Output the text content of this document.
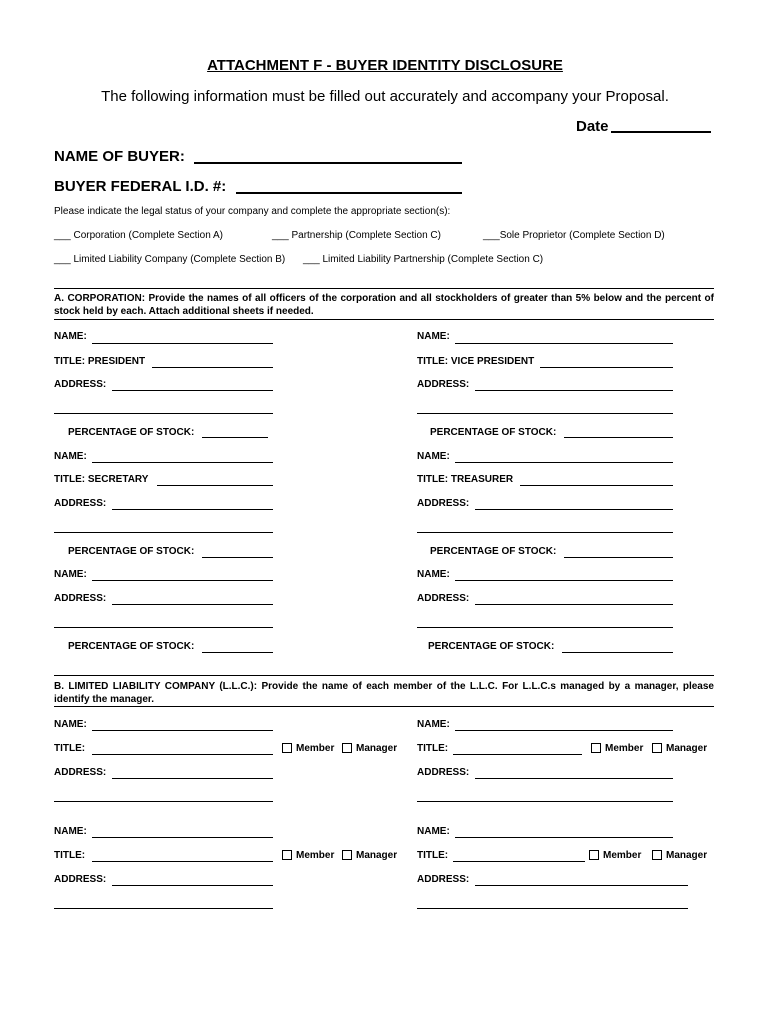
ATTACHMENT F - BUYER IDENTITY DISCLOSURE
The following information must be filled out accurately and accompany your Proposal.
Date
NAME OF BUYER:
BUYER FEDERAL I.D. #:
Please indicate the legal status of your company and complete the appropriate section(s):
___ Corporation (Complete Section A)	___ Partnership (Complete Section C)	___Sole Proprietor (Complete Section D)
___ Limited Liability Company (Complete Section B) ___ Limited Liability Partnership (Complete Section C)
A. CORPORATION: Provide the names of all officers of the corporation and all stockholders of greater than 5% below and the percent of stock held by each. Attach additional sheets if needed.
NAME:	NAME:
TITLE: PRESIDENT	TITLE: VICE PRESIDENT
ADDRESS:	ADDRESS:
PERCENTAGE OF STOCK:	PERCENTAGE OF STOCK:
NAME:	NAME:
TITLE: SECRETARY	TITLE: TREASURER
ADDRESS:	ADDRESS:
PERCENTAGE OF STOCK:	PERCENTAGE OF STOCK:
NAME:	NAME:
ADDRESS:	ADDRESS:
PERCENTAGE OF STOCK:	PERCENTAGE OF STOCK:
B. LIMITED LIABILITY COMPANY (L.L.C.): Provide the name of each member of the L.L.C. For L.L.C.s managed by a manager, please identify the manager.
NAME:	NAME:
TITLE:	Member Manager TITLE:	Member Manager
ADDRESS:	ADDRESS:
NAME:	NAME:
TITLE:	Member Manager TITLE:	Member Manager
ADDRESS:	ADDRESS:
